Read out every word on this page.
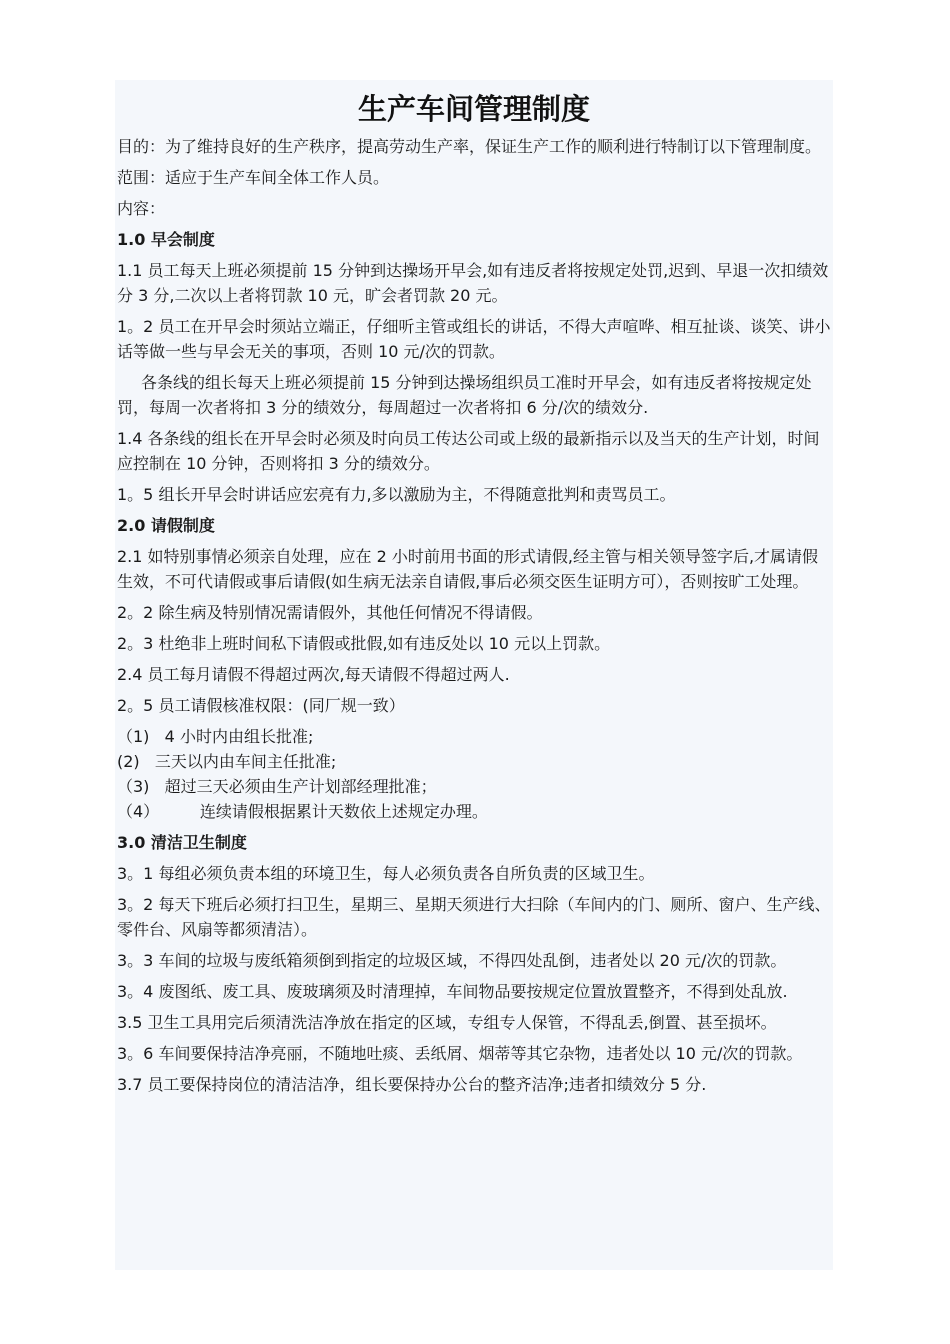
生产车间管理制度

目的：为了维持良好的生产秩序，提高劳动生产率，保证生产工作的顺利进行特制订以下管理制度。

范围：适应于生产车间全体工作人员。

内容：

1.0 早会制度

1.1 员工每天上班必须提前 15 分钟到达操场开早会,如有违反者将按规定处罚,迟到、早退一次扣绩效分 3 分,二次以上者将罚款 10 元，旷会者罚款 20 元。

1。2 员工在开早会时须站立端正，仔细听主管或组长的讲话，不得大声喧哗、相互扯谈、谈笑、讲小话等做一些与早会无关的事项，否则 10 元/次的罚款。

各条线的组长每天上班必须提前 15 分钟到达操场组织员工准时开早会，如有违反者将按规定处罚，每周一次者将扣 3 分的绩效分，每周超过一次者将扣 6 分/次的绩效分.

1.4 各条线的组长在开早会时必须及时向员工传达公司或上级的最新指示以及当天的生产计划，时间应控制在 10 分钟，否则将扣 3 分的绩效分。

1。5 组长开早会时讲话应宏亮有力,多以激励为主，不得随意批判和责骂员工。

2.0 请假制度

2.1 如特别事情必须亲自处理，应在 2 小时前用书面的形式请假,经主管与相关领导签字后,才属请假生效，不可代请假或事后请假(如生病无法亲自请假,事后必须交医生证明方可），否则按旷工处理。

2。2 除生病及特别情况需请假外，其他任何情况不得请假。

2。3 杜绝非上班时间私下请假或批假,如有违反处以 10 元以上罚款。

2.4 员工每月请假不得超过两次,每天请假不得超过两人.

2。5 员工请假核准权限：(同厂规一致）

（1)   4 小时内由组长批准;

(2)   三天以内由车间主任批准;

（3)   超过三天必须由生产计划部经理批准；

（4）        连续请假根据累计天数依上述规定办理。

3.0 清洁卫生制度

3。1 每组必须负责本组的环境卫生，每人必须负责各自所负责的区域卫生。

3。2 每天下班后必须打扫卫生，星期三、星期天须进行大扫除（车间内的门、厕所、窗户、生产线、零件台、风扇等都须清洁）。

3。3 车间的垃圾与废纸箱须倒到指定的垃圾区域，不得四处乱倒，违者处以 20 元/次的罚款。

3。4 废图纸、废工具、废玻璃须及时清理掉，车间物品要按规定位置放置整齐，不得到处乱放.

3.5 卫生工具用完后须清洗洁净放在指定的区域，专组专人保管，不得乱丢,倒置、甚至损坏。

3。6 车间要保持洁净亮丽，不随地吐痰、丢纸屑、烟蒂等其它杂物，违者处以 10 元/次的罚款。

3.7 员工要保持岗位的清洁洁净，组长要保持办公台的整齐洁净;违者扣绩效分 5 分.
